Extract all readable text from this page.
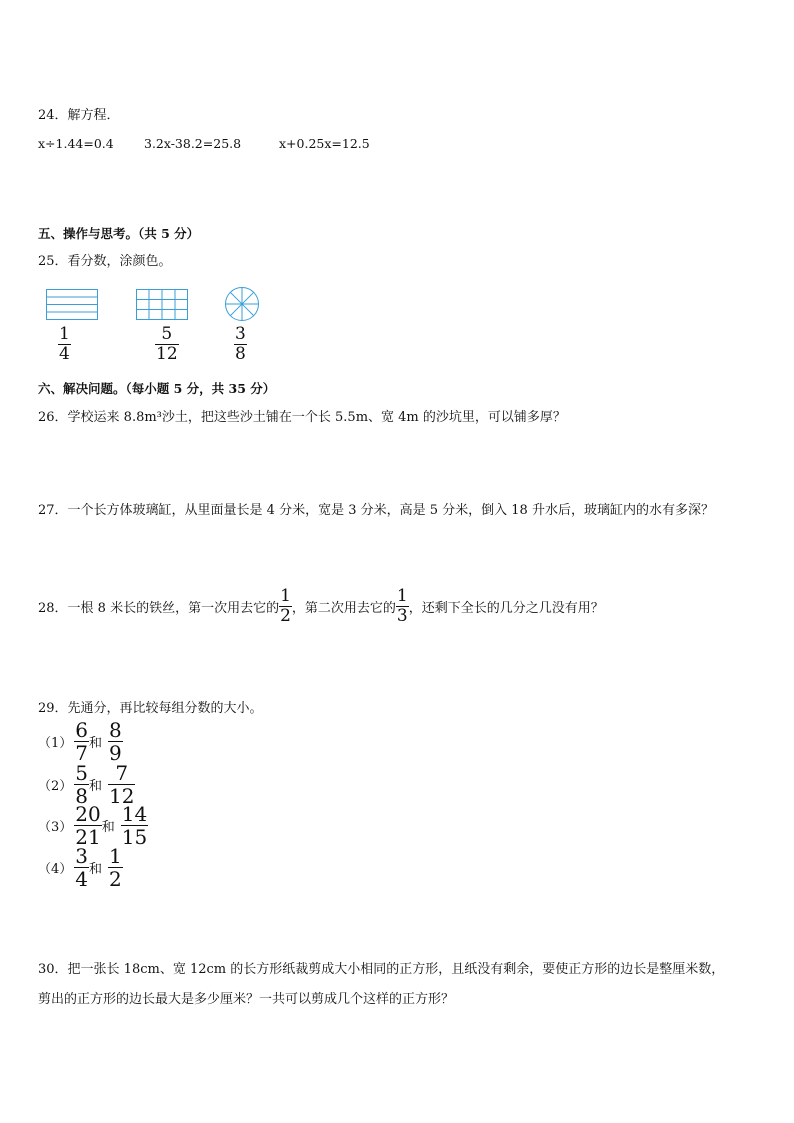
24．解方程．
x÷1.44=0.4 3.2x-38.2=25.8	x+0.25x=12.5
五、操作与思考。（共 5 分）
25．看分数，涂颜色。
1
4
5
12
3
8
六、解决问题。（每小题 5 分，共 35 分）
26．学校运来 8.8m³沙土，把这些沙土铺在一个长 5.5m、宽 4m 的沙坑里，可以铺多厚？
27．一个长方体玻璃缸，从里面量长是 4 分米，宽是 3 分米，高是 5 分米，倒入 18 升水后，玻璃缸内的水有多深？
28．一根 8 米长的铁丝，第一次用去它的 $\frac{1}{2}$ ，第二次用去它的 $\frac{1}{3}$ ，还剩下全长的几分之几没有用？
29．先通分，再比较每组分数的大小。
$(1) \frac{6}{7}$ 和 $\frac{8}{9}$
$(2) \frac{5}{8}$ 和 $\frac{7}{12}$
$(3) \frac{20}{21}$ 和 $\frac{14}{15}$
$(4) \frac{3}{4}$ 和 $\frac{1}{2}$
30．把一张长 18cm、宽 12cm 的长方形纸裁剪成大小相同的正方形，且纸没有剩余，要使正方形的边长是整厘米数，
剪出的正方形的边长最大是多少厘米？一共可以剪成几个这样的正方形？
